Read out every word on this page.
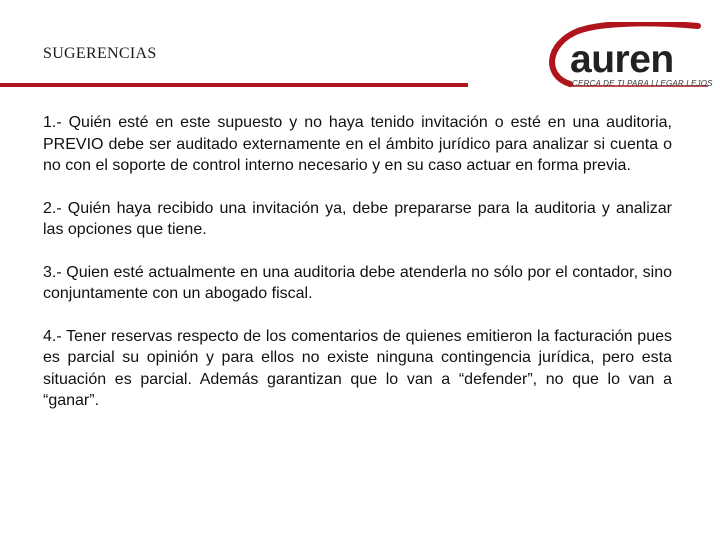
SUGERENCIAS	auren
CERCA DE TI PARA LLEGAR LEJOS

1.- Quién esté en este supuesto y no haya tenido invitación o esté en una auditoria, PREVIO debe ser auditado externamente en el ámbito jurídico para analizar si cuenta o no con el soporte de control interno necesario y en su caso actuar en forma previa.

2.- Quién haya recibido una invitación ya, debe prepararse para la auditoria y analizar las opciones que tiene.

3.- Quien esté actualmente en una auditoria debe atenderla no sólo por el contador, sino conjuntamente con un abogado fiscal.

4.- Tener reservas respecto de los comentarios de quienes emitieron la facturación pues es parcial su opinión y para ellos no existe ninguna contingencia jurídica, pero esta situación es parcial. Además garantizan que lo van a “defender”, no que lo van a “ganar”.
